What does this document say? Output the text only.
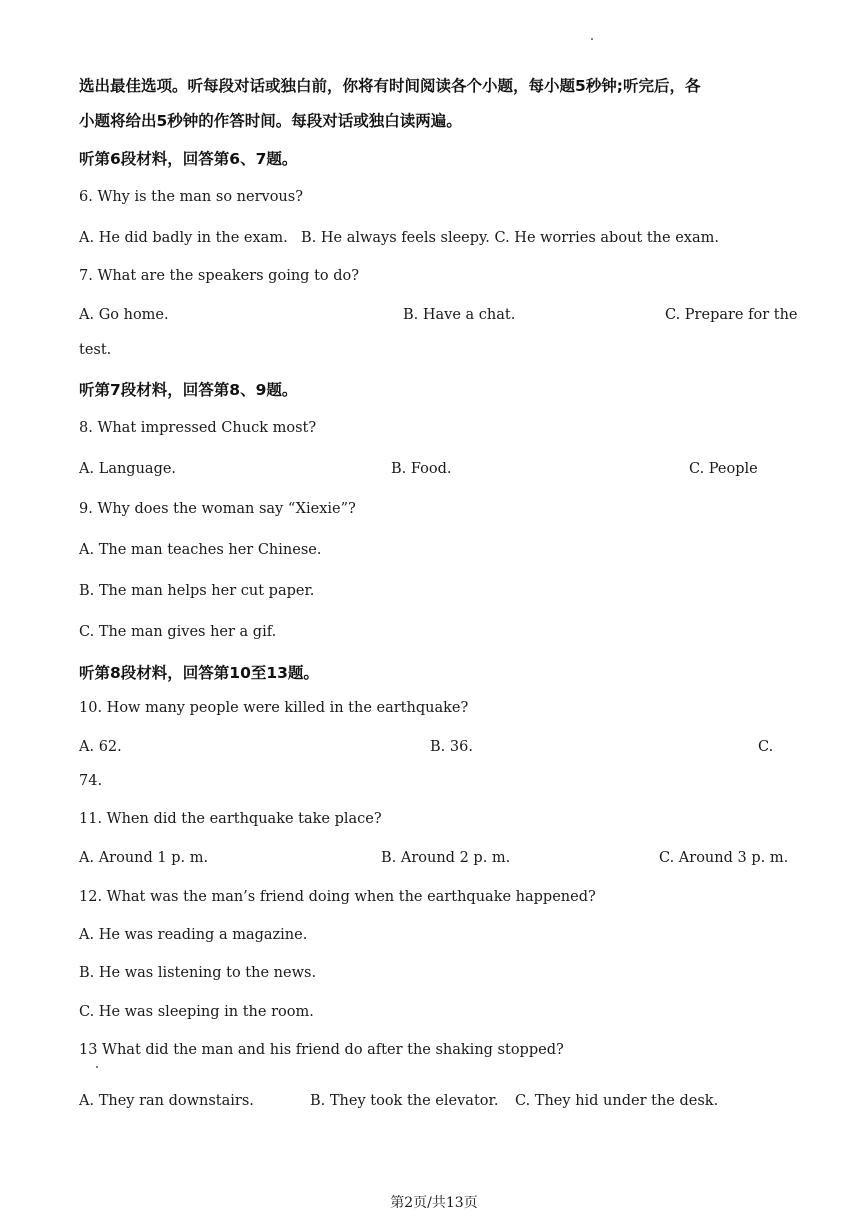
选出最佳选项。听每段对话或独白前，你将有时间阅读各个小题，每小题5秒钟;听完后，各
小题将给出5秒钟的作答时间。每段对话或独白读两遍。
听第6段材料，回答第6、7题。
6. Why is the man so nervous?
A. He did badly in the exam. B. He always feels sleepy. C. He worries about the exam.
7. What are the speakers going to do?
A. Go home.	B. Have a chat.	C. Prepare for the
test.
听第7段材料，回答第8、9题。
8. What impressed Chuck most?
A. Language.	B. Food.	C. People
9. Why does the woman say “Xiexie”?
A. The man teaches her Chinese.
B. The man helps her cut paper.
C. The man gives her a gif.
听第8段材料，回答第10至13题。
10. How many people were killed in the earthquake?
A. 62.	B. 36.	C.
74.
11. When did the earthquake take place?
A. Around 1 p. m.	B. Around 2 p. m.	C. Around 3 p. m.
12. What was the man’s friend doing when the earthquake happened?
A. He was reading a magazine.
B. He was listening to the news.
C. He was sleeping in the room.
13 What did the man and his friend do after the shaking stopped?
A. They ran downstairs.	B. They took the elevator. C. They hid under the desk.
第2页/共13页
